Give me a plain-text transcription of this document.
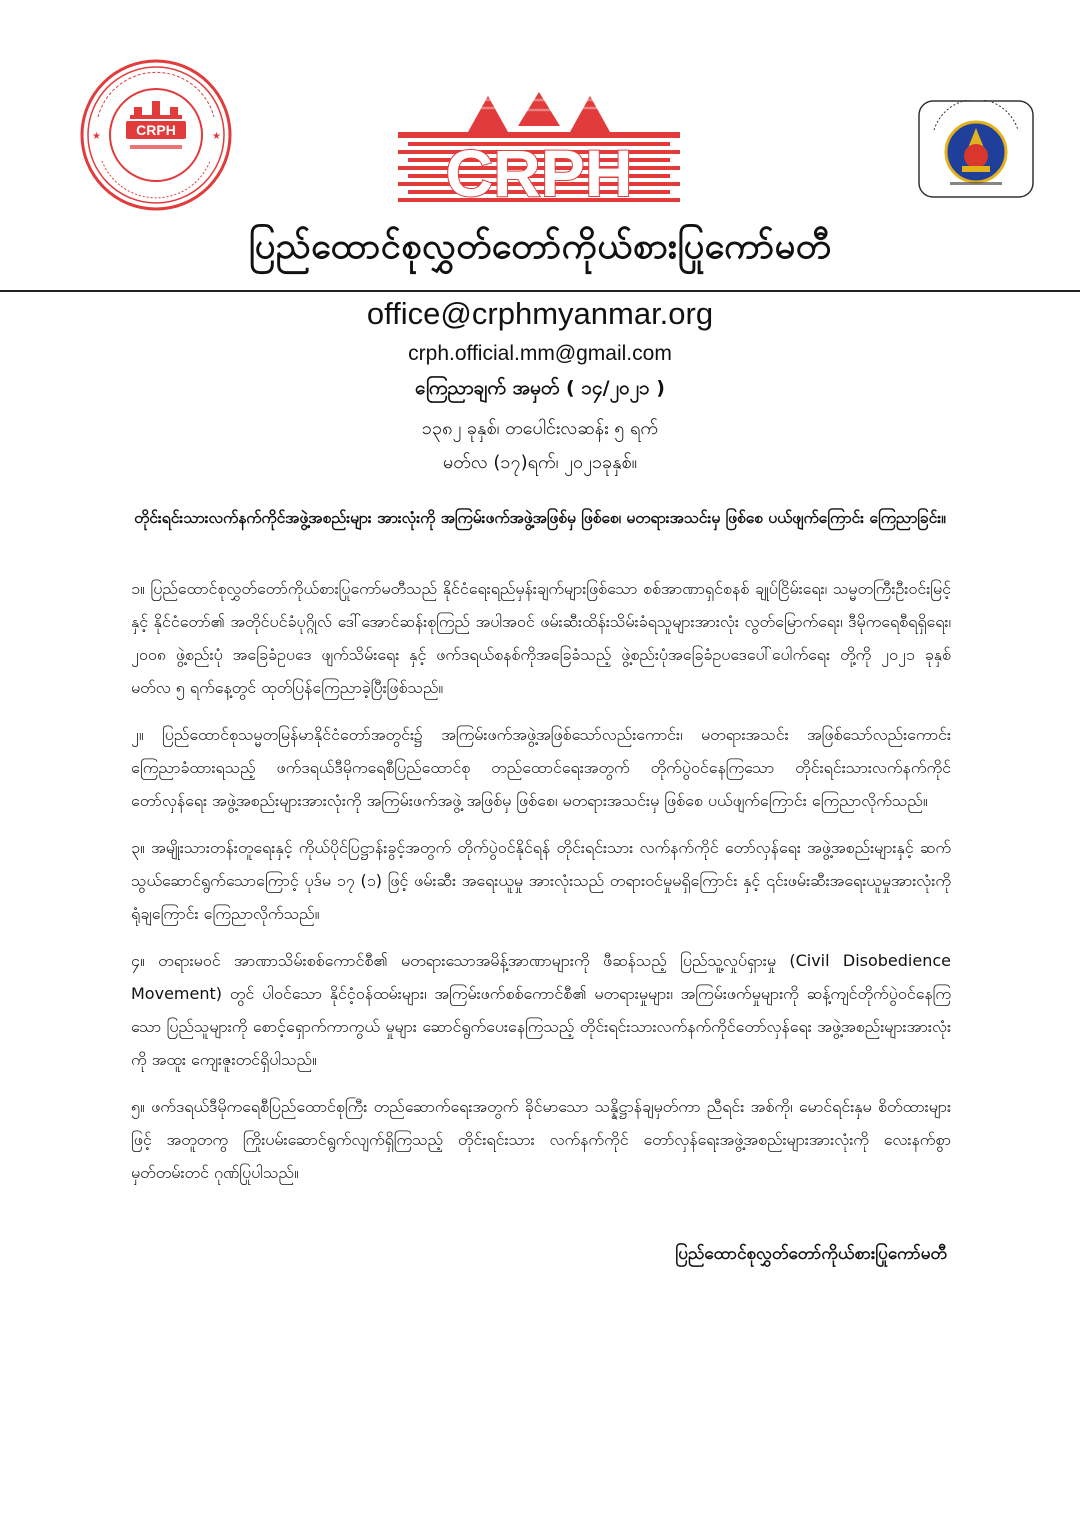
★	★
CRPH
CRPH
ပြည်ထောင်စုလွှတ်တော်ကိုယ်စားပြုကော်မတီ
office@crphmyanmar.org
crph.official.mm@gmail.com
ကြေညာချက် အမှတ် ( ၁၄/၂၀၂၁ )
၁၃၈၂ ခုနှစ်၊ တပေါင်းလဆန်း ၅ ရက်
မတ်လ (၁၇)ရက်၊ ၂၀၂၁ခုနှစ်။
တိုင်းရင်းသားလက်နက်ကိုင်အဖွဲ့အစည်းများ အားလုံးကို အကြမ်းဖက်အဖွဲ့အဖြစ်မှ ဖြစ်စေ၊ မတရားအသင်းမှ ဖြစ်စေ ပယ်ဖျက်ကြောင်း ကြေညာခြင်း။

၁။ ပြည်ထောင်စုလွှတ်တော်ကိုယ်စားပြုကော်မတီသည် နိုင်ငံရေးရည်မှန်းချက်များဖြစ်သော စစ်အာဏာရှင်စနစ် ချုပ်ငြိမ်းရေး၊ သမ္မတကြီးဦးဝင်းမြင့် နှင့် နိုင်ငံတော်၏ အတိုင်ပင်ခံပုဂ္ဂိုလ် ဒေါ်အောင်ဆန်းစုကြည် အပါအဝင် ဖမ်းဆီးထိန်းသိမ်းခံရသူများအားလုံး လွတ်မြောက်ရေး၊ ဒီမိုကရေစီရရှိရေး၊ ၂၀၀၈ ဖွဲ့စည်းပုံ အခြေခံဥပဒေ ဖျက်သိမ်းရေး နှင့် ဖက်ဒရယ်စနစ်ကိုအခြေခံသည့် ဖွဲ့စည်းပုံအခြေခံဥပဒေပေါ်ပေါက်ရေး တို့ကို ၂၀၂၁ ခုနှစ် မတ်လ ၅ ရက်နေ့တွင် ထုတ်ပြန်ကြေညာခဲ့ပြီးဖြစ်သည်။

၂။ ပြည်ထောင်စုသမ္မတမြန်မာနိုင်ငံတော်အတွင်း၌ အကြမ်းဖက်အဖွဲ့အဖြစ်သော်လည်းကောင်း၊ မတရားအသင်း အဖြစ်သော်လည်းကောင်း ကြေညာခံထားရသည့် ဖက်ဒရယ်ဒီမိုကရေစီပြည်ထောင်စု တည်ထောင်ရေးအတွက် တိုက်ပွဲဝင်နေကြသော တိုင်းရင်းသားလက်နက်ကိုင်တော်လှန်ရေး အဖွဲ့အစည်းများအားလုံးကို အကြမ်းဖက်အဖွဲ့ အဖြစ်မှ ဖြစ်စေ၊ မတရားအသင်းမှ ဖြစ်စေ ပယ်ဖျက်ကြောင်း ကြေညာလိုက်သည်။

၃။ အမျိုးသားတန်းတူရေးနှင့် ကိုယ်ပိုင်ပြဋ္ဌာန်းခွင့်အတွက် တိုက်ပွဲဝင်နိုင်ရန် တိုင်းရင်းသား လက်နက်ကိုင် တော်လှန်ရေး အဖွဲ့အစည်းများနှင့် ဆက်သွယ်ဆောင်ရွက်သောကြောင့် ပုဒ်မ ၁၇ (၁) ဖြင့် ဖမ်းဆီး အရေးယူမှု အားလုံးသည် တရားဝင်မှုမရှိကြောင်း နှင့် ၎င်းဖမ်းဆီးအရေးယူမှုအားလုံးကို ရုံချကြောင်း ကြေညာလိုက်သည်။

၄။ တရားမဝင် အာဏာသိမ်းစစ်ကောင်စီ၏ မတရားသောအမိန့်အာဏာများကို ဖီဆန်သည့် ပြည်သူ့လှုပ်ရှားမှု (Civil Disobedience Movement) တွင် ပါဝင်သော နိုင်ငံ့ဝန်ထမ်းများ၊ အကြမ်းဖက်စစ်ကောင်စီ၏ မတရားမှုများ၊ အကြမ်းဖက်မှုများကို ဆန့်ကျင်တိုက်ပွဲဝင်နေကြသော ပြည်သူများကို စောင့်ရှောက်ကာကွယ် မှုများ ဆောင်ရွက်ပေးနေကြသည့် တိုင်းရင်းသားလက်နက်ကိုင်တော်လှန်ရေး အဖွဲ့အစည်းများအားလုံးကို အထူး ကျေးဇူးတင်ရှိပါသည်။

၅။ ဖက်ဒရယ်ဒီမိုကရေစီပြည်ထောင်စုကြီး တည်ဆောက်ရေးအတွက် ခိုင်မာသော သန္နိဋ္ဌာန်ချမှတ်ကာ ညီရင်း အစ်ကို၊ မောင်ရင်းနှမ စိတ်ထားများဖြင့် အတူတကွ ကြိုးပမ်းဆောင်ရွက်လျက်ရှိကြသည့် တိုင်းရင်းသား လက်နက်ကိုင် တော်လှန်ရေးအဖွဲ့အစည်းများအားလုံးကို လေးနက်စွာ မှတ်တမ်းတင် ဂုဏ်ပြုပါသည်။

ပြည်ထောင်စုလွှတ်တော်ကိုယ်စားပြုကော်မတီ
